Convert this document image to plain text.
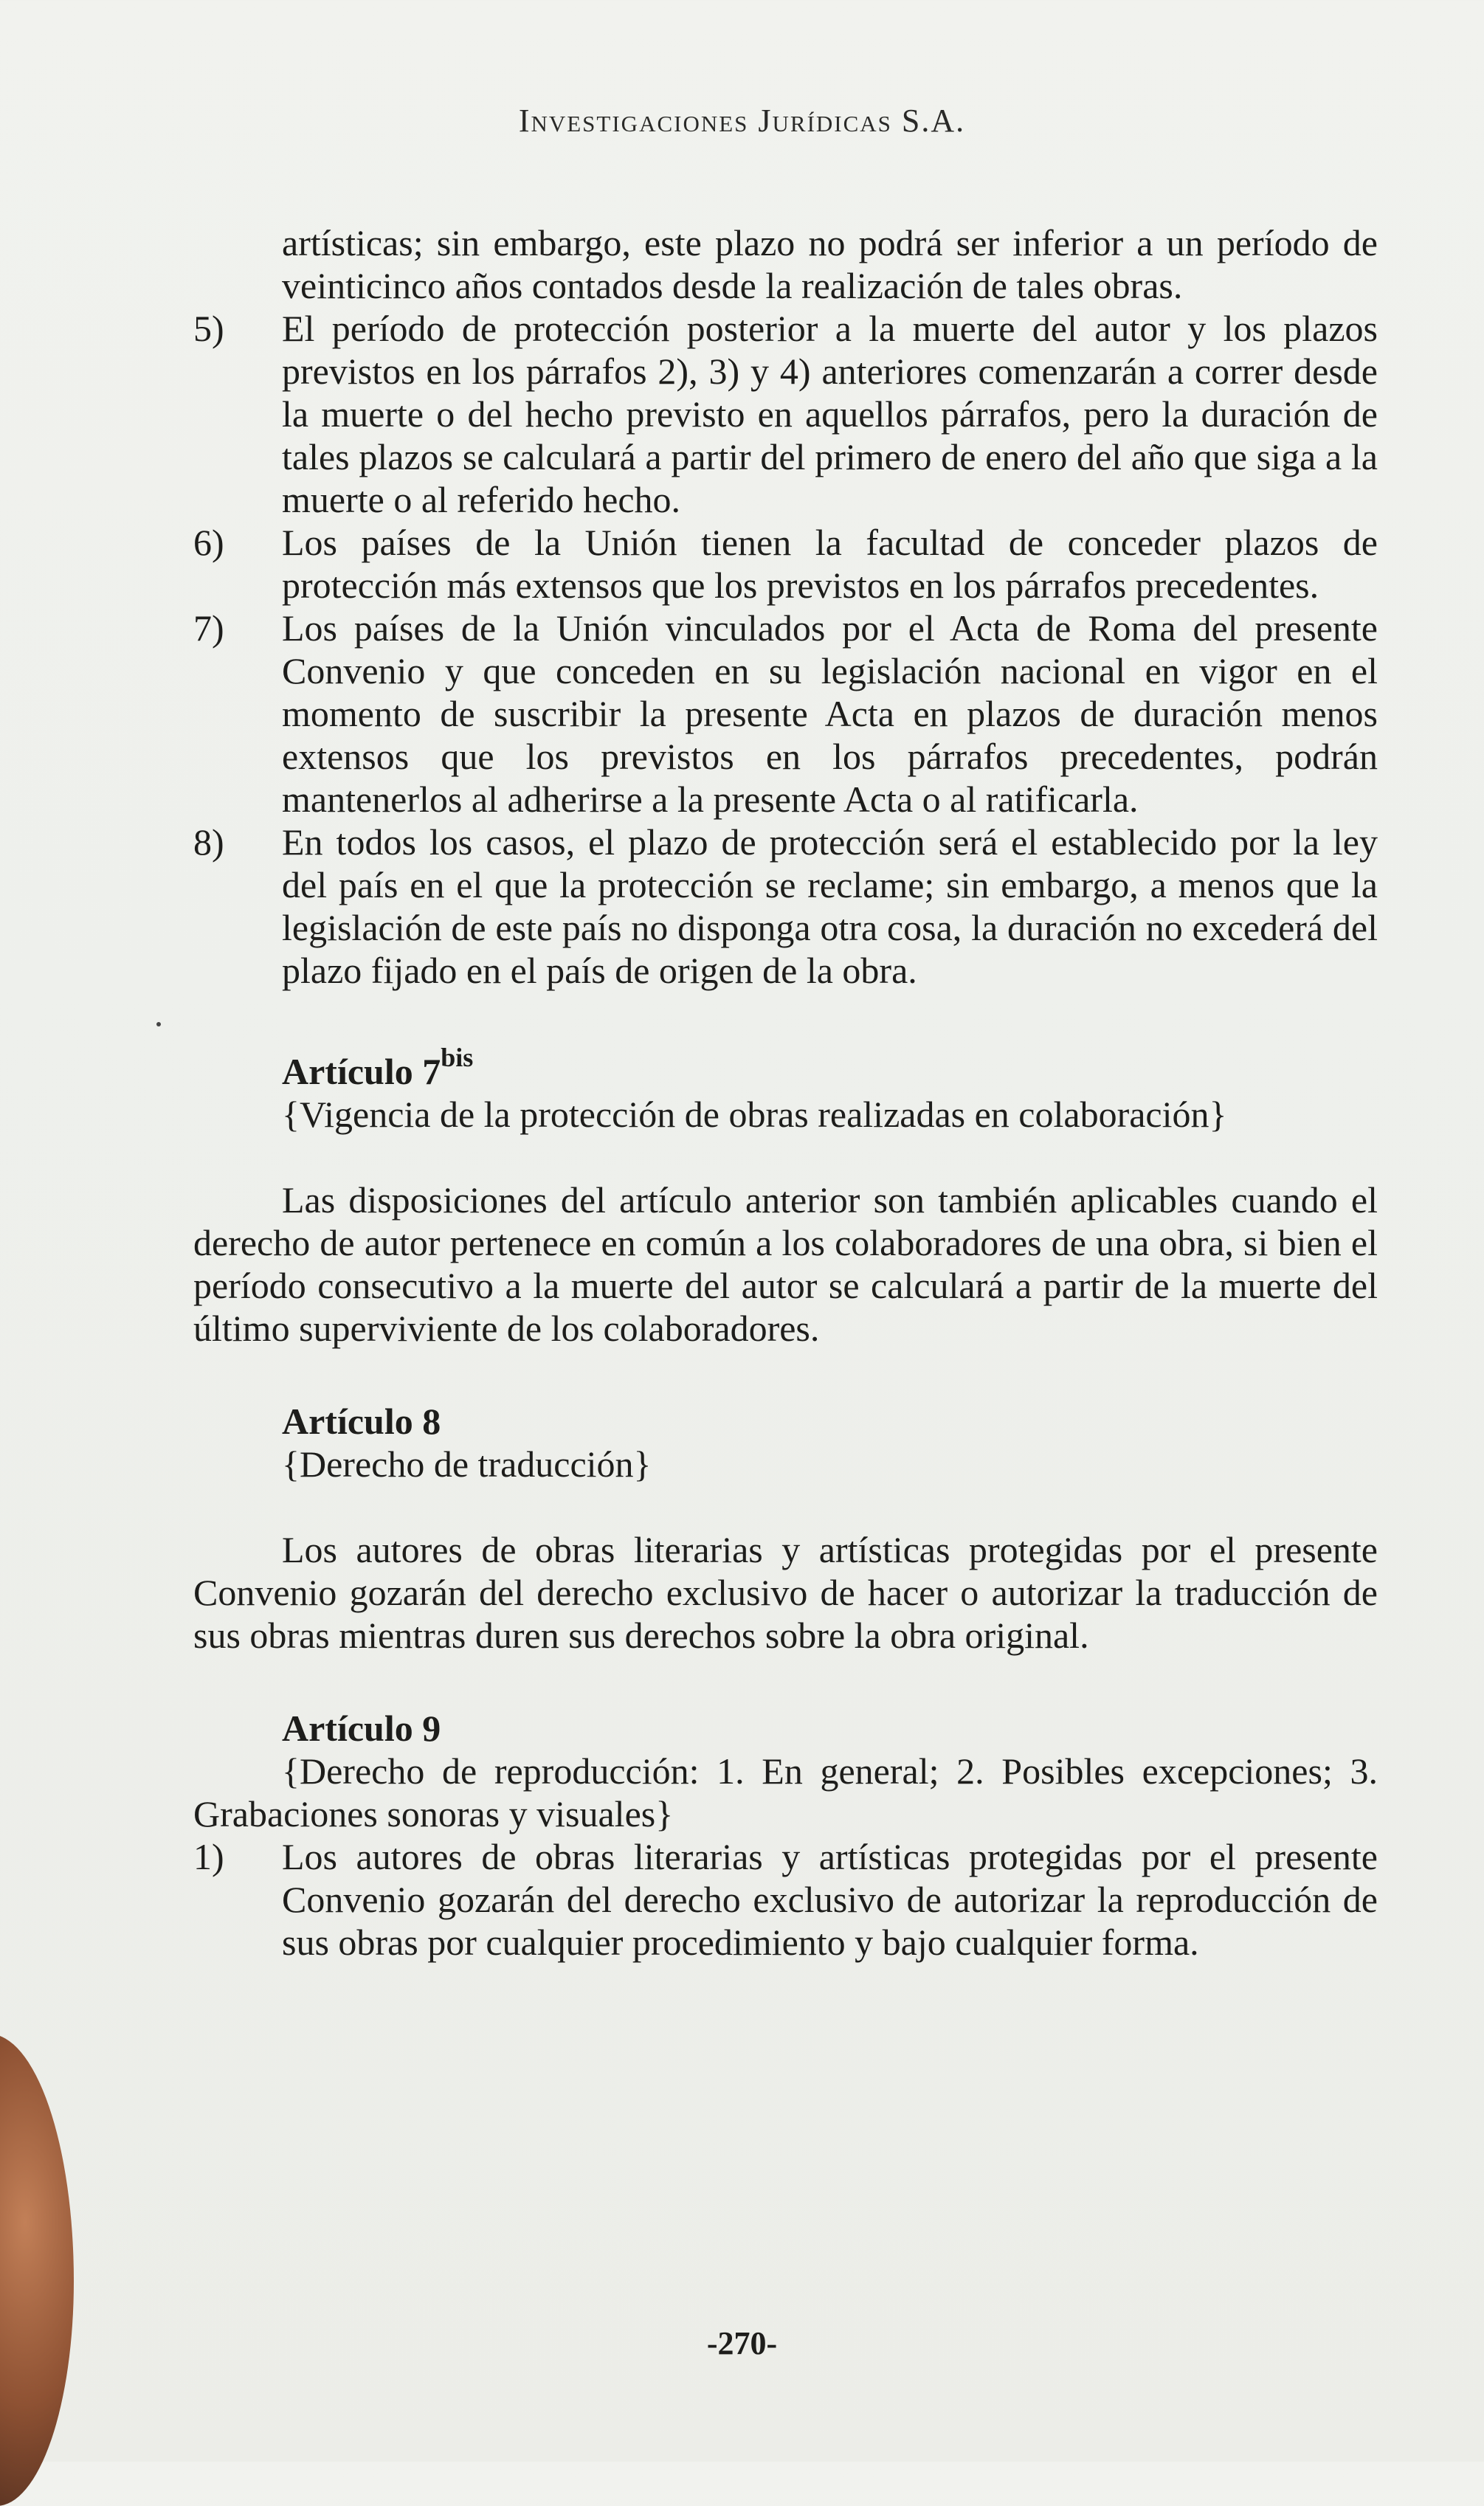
Investigaciones Jurídicas S.A.

artísticas; sin embargo, este plazo no podrá ser inferior a un período de veinticinco años contados desde la realización de tales obras.

5) El período de protección posterior a la muerte del autor y los plazos previstos en los párrafos 2), 3) y 4) anteriores comenzarán a correr desde la muerte o del hecho previsto en aquellos párrafos, pero la duración de tales plazos se calculará a partir del primero de enero del año que siga a la muerte o al referido hecho.
6) Los países de la Unión tienen la facultad de conceder plazos de protección más extensos que los previstos en los párrafos precedentes.
7) Los países de la Unión vinculados por el Acta de Roma del presente Convenio y que conceden en su legislación nacional en vigor en el momento de suscribir la presente Acta en plazos de duración menos extensos que los previstos en los párrafos precedentes, podrán mantenerlos al adherirse a la presente Acta o al ratificarla.
8) En todos los casos, el plazo de protección será el establecido por la ley del país en el que la protección se reclame; sin embargo, a menos que la legislación de este país no disponga otra cosa, la duración no excederá del plazo fijado en el país de origen de la obra.
Artículo $7^{bis}$
{Vigencia de la protección de obras realizadas en colaboración}

Las disposiciones del artículo anterior son también aplicables cuando el derecho de autor pertenece en común a los colaboradores de una obra, si bien el período consecutivo a la muerte del autor se calculará a partir de la muerte del último superviviente de los colaboradores.

Artículo 8
{Derecho de traducción}

Los autores de obras literarias y artísticas protegidas por el presente Convenio gozarán del derecho exclusivo de hacer o autorizar la traducción de sus obras mientras duren sus derechos sobre la obra original.

Artículo 9

{Derecho de reproducción: 1. En general; 2. Posibles excepciones; 3. Grabaciones sonoras y visuales}

1) Los autores de obras literarias y artísticas protegidas por el presente Convenio gozarán del derecho exclusivo de autorizar la reproducción de sus obras por cualquier procedimiento y bajo cualquier forma.
-270-
